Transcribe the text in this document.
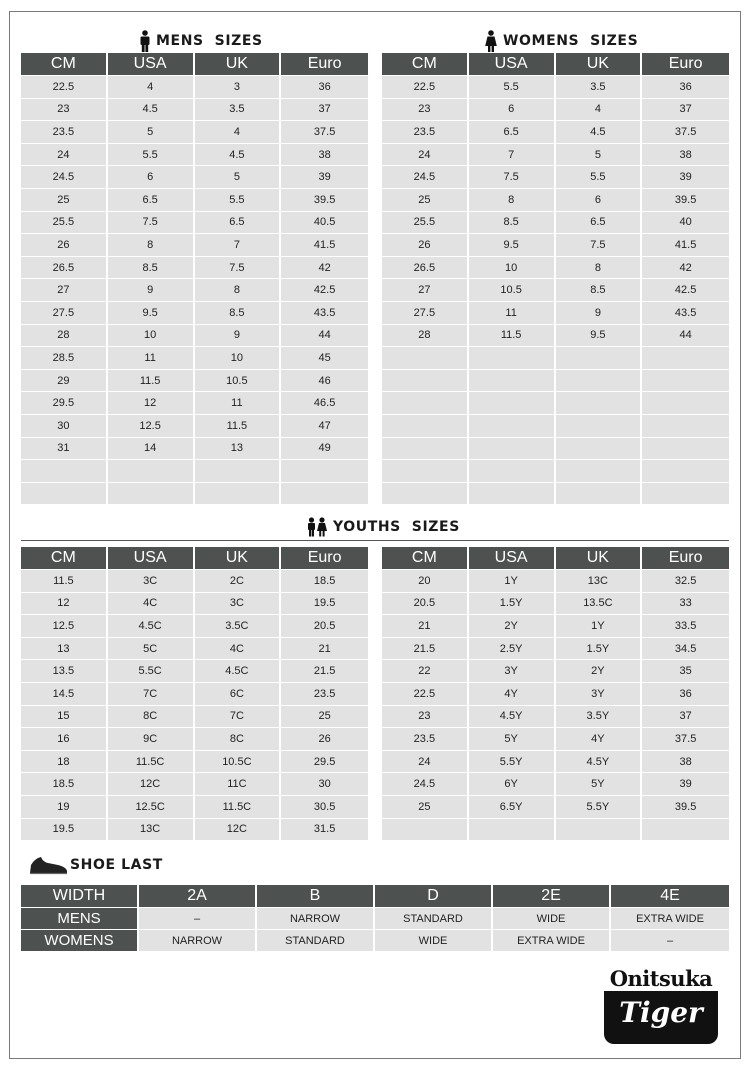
MENS  SIZES	WOMENS  SIZES
CM	USA	UK	Euro
22.5	4	3	36
23	4.5	3.5	37
23.5	5	4	37.5
24	5.5	4.5	38
24.5	6	5	39
25	6.5	5.5	39.5
25.5	7.5	6.5	40.5
26	8	7	41.5
26.5	8.5	7.5	42
27	9	8	42.5
27.5	9.5	8.5	43.5
28	10	9	44
28.5	11	10	45
29	11.5	10.5	46
29.5	12	11	46.5
30	12.5	11.5	47
31	14	13	49

CM	USA	UK	Euro
22.5	5.5	3.5	36
23	6	4	37
23.5	6.5	4.5	37.5
24	7	5	38
24.5	7.5	5.5	39
25	8	6	39.5
25.5	8.5	6.5	40
26	9.5	7.5	41.5
26.5	10	8	42
27	10.5	8.5	42.5
27.5	11	9	43.5
28	11.5	9.5	44

YOUTHS  SIZES
CM	USA	UK	Euro
11.5	3C	2C	18.5
12	4C	3C	19.5
12.5	4.5C	3.5C	20.5
13	5C	4C	21
13.5	5.5C	4.5C	21.5
14.5	7C	6C	23.5
15	8C	7C	25
16	9C	8C	26
18	11.5C	10.5C	29.5
18.5	12C	11C	30
19	12.5C	11.5C	30.5
19.5	13C	12C	31.5
CM	USA	UK	Euro
20	1Y	13C	32.5
20.5	1.5Y	13.5C	33
21	2Y	1Y	33.5
21.5	2.5Y	1.5Y	34.5
22	3Y	2Y	35
22.5	4Y	3Y	36
23	4.5Y	3.5Y	37
23.5	5Y	4Y	37.5
24	5.5Y	4.5Y	38
24.5	6Y	5Y	39
25	6.5Y	5.5Y	39.5

SHOE LAST
WIDTH	2A	B	D	2E	4E
MENS	–	NARROW	STANDARD	WIDE	EXTRA WIDE
WOMENS	NARROW	STANDARD	WIDE	EXTRA WIDE	–
Onitsuka
Tiger
